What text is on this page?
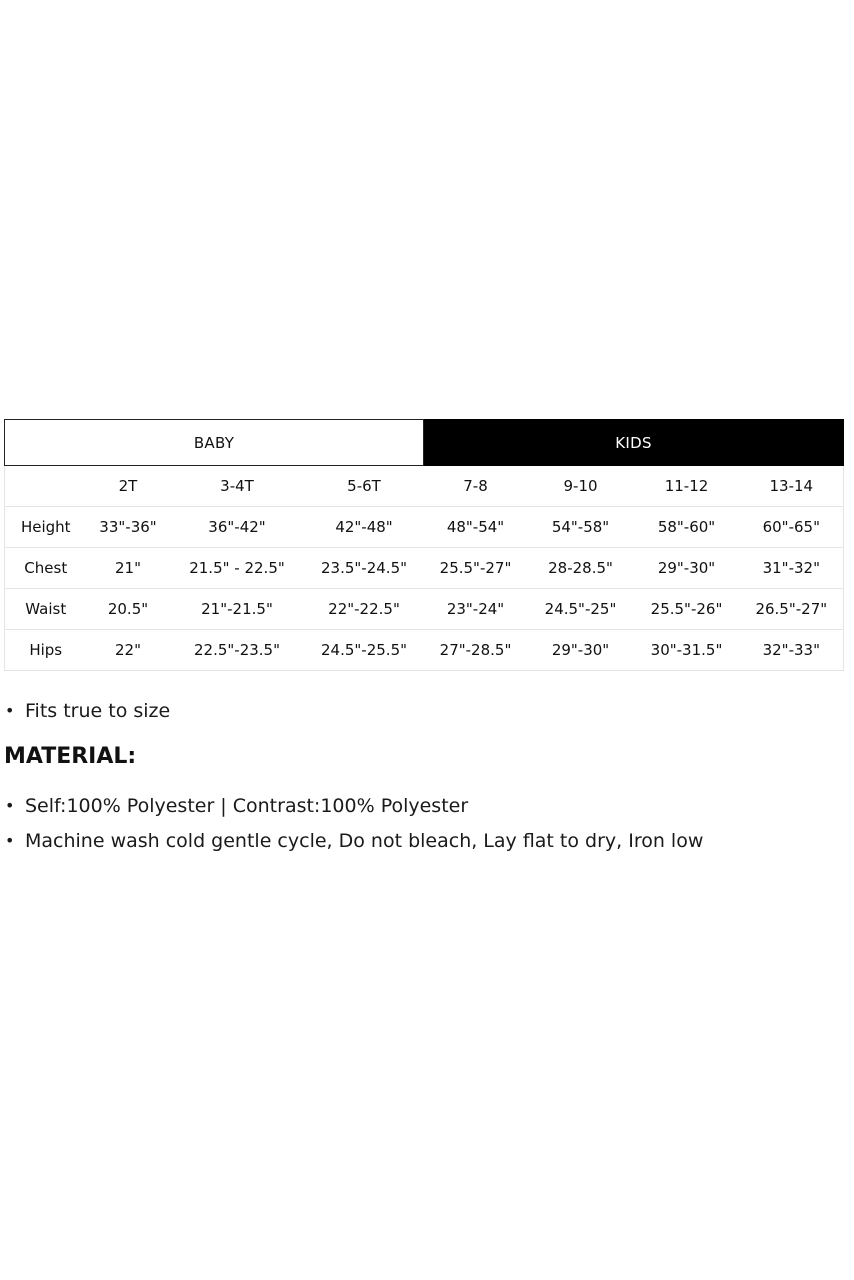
BABY				KIDS			
	2T	3-4T	5-6T	7-8	9-10	11-12	13-14
Height	33"-36"	36"-42"	42"-48"	48"-54"	54"-58"	58"-60"	60"-65"
Chest	21"	21.5" - 22.5"	23.5"-24.5"	25.5"-27"	28-28.5"	29"-30"	31"-32"
Waist	20.5"	21"-21.5"	22"-22.5"	23"-24"	24.5"-25"	25.5"-26"	26.5"-27"
Hips	22"	22.5"-23.5"	24.5"-25.5"	27"-28.5"	29"-30"	30"-31.5"	32"-33"
• Fits true to size
MATERIAL:
• Self:100% Polyester | Contrast:100% Polyester
• Machine wash cold gentle cycle, Do not bleach, Lay flat to dry, Iron low
